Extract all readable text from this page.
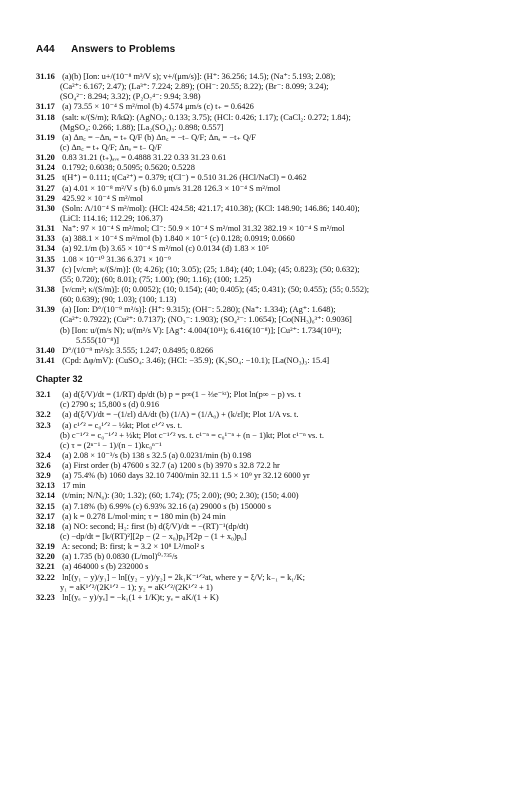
A44 Answers to Problems
31.16 (a)(b) [Ion: u+/(10⁻⁸ m²/V s); v+/(μm/s)]: (H⁺: 36.256; 14.5); (Na⁺: 5.193; 2.08);
(Ca²⁺: 6.167; 2.47); (La³⁺: 7.224; 2.89); (OH⁻: 20.55; 8.22); (Br⁻: 8.099; 3.24);
(SO₄²⁻: 8.294; 3.32); (P₂O₇⁴⁻: 9.94; 3.98)
31.17 (a) 73.55 × 10⁻⁴ S m²/mol (b) 4.574 μm/s (c) t₊ = 0.6426
31.18 (salt: κ/(S/m); R/kΩ): (AgNO₃: 0.133; 3.75); (HCl: 0.426; 1.17); (CaCl₂: 0.272; 1.84);
(MgSO₄: 0.266; 1.88); [La₂(SO₄)₃: 0.898; 0.557]
31.19 (a) Δn꜀ = −Δnₐ = t₊ Q/F (b) Δn꜀ = −t₋ Q/F; Δnₐ = −t₊ Q/F
(c) Δn꜀ = t₊ Q/F; Δnₐ = t₋ Q/F
31.20 0.83 31.21 (t₊)ₐᵥₑ = 0.4888 31.22 0.33 31.23 0.61
31.24 0.1792; 0.6038; 0.5095; 0.5620; 0.5228
31.25 t(H⁺) = 0.111; t(Ca²⁺) = 0.379; t(Cl⁻) = 0.510 31.26 (HCl/NaCl) = 0.462
31.27 (a) 4.01 × 10⁻⁸ m²/V s (b) 6.0 μm/s 31.28 126.3 × 10⁻⁴ S m²/mol
31.29 425.92 × 10⁻⁴ S m²/mol
31.30 (Soln: Λ/10⁻⁴ S m²/mol): (HCl: 424.58; 421.17; 410.38); (KCl: 148.90; 146.86; 140.40);
(LiCl: 114.16; 112.29; 106.37)
31.31 Na⁺: 97 × 10⁻⁴ S m²/mol; Cl⁻: 50.9 × 10⁻⁴ S m²/mol 31.32 382.19 × 10⁻⁴ S m²/mol
31.33 (a) 388.1 × 10⁻⁴ S m²/mol (b) 1.840 × 10⁻⁵ (c) 0.128; 0.0919; 0.0660
31.34 (a) 92.1/m (b) 3.65 × 10⁻⁴ S m²/mol (c) 0.0134 (d) 1.83 × 10⁵
31.35 1.08 × 10⁻¹⁰ 31.36 6.371 × 10⁻⁹
31.37 (c) [v/cm³; κ/(S/m)]: (0; 4.26); (10; 3.05); (25; 1.84); (40; 1.04); (45; 0.823); (50; 0.632);
(55; 0.720); (60; 8.01); (75; 1.00); (90; 1.16); (100; 1.25)
31.38 [v/cm³; κ/(S/m)]: (0; 0.0052); (10; 0.154); (40; 0.405); (45; 0.431); (50; 0.455); (55; 0.552);
(60; 0.639); (90; 1.03); (100; 1.13)
31.39 (a) [Ion: D°/(10⁻⁹ m²/s)]: (H⁺: 9.315); (OH⁻: 5.280); (Na⁺: 1.334); (Ag⁺: 1.648);
(Ca²⁺: 0.7922); (Cu²⁺: 0.7137); (NO₃⁻: 1.903); (SO₄²⁻: 1.0654); [Co(NH₃)₆³⁺: 0.9036]
(b) [Ion: u/(m/s N); u/(m²/s V): [Ag⁺: 4.004(10¹¹); 6.416(10⁻⁸)]; [Cu²⁺: 1.734(10¹¹);
5.555(10⁻⁸)]
31.40 D°/(10⁻⁹ m²/s): 3.555; 1.247; 0.8495; 0.8266
31.41 (Cpd: Δφ/mV): (CuSO₄: 3.46); (HCl: −35.9); (K₂SO₄: −10.1); [La(NO₃)₃: 15.4]
Chapter 32
32.1 (a) d(ξ/V)/dt = (1/RT) dp/dt (b) p = p∞(1 − ⅔e⁻ᵏᵗ); Plot ln(p∞ − p) vs. t
(c) 2790 s; 15,800 s (d) 0.916
32.2 (a) d(ξ/V)/dt = −(1/εl) dA/dt (b) (1/A) = (1/A₀) + (k/εl)t; Plot 1/A vs. t.
32.3 (a) c¹ᐟ² = c₀¹ᐟ² − ½kt; Plot c¹ᐟ² vs. t.
(b) c⁻¹ᐟ² = c₀⁻¹ᐟ² + ½kt; Plot c⁻¹ᐟ² vs. t. c¹⁻ⁿ = c₀¹⁻ⁿ + (n − 1)kt; Plot c¹⁻ⁿ vs. t.
(c) τ = (2ⁿ⁻¹ − 1)/(n − 1)kc₀ⁿ⁻¹
32.4 (a) 2.08 × 10⁻³/s (b) 138 s 32.5 (a) 0.0231/min (b) 0.198
32.6 (a) First order (b) 47600 s 32.7 (a) 1200 s (b) 3970 s 32.8 72.2 hr
32.9 (a) 75.4% (b) 1060 days 32.10 7400/min 32.11 1.5 × 10⁹ yr 32.12 6000 yr
32.13 17 min
32.14 (t/min; N/N₀): (30; 1.32); (60; 1.74); (75; 2.00); (90; 2.30); (150; 4.00)
32.15 (a) 7.18% (b) 6.99% (c) 6.93% 32.16 (a) 29000 s (b) 150000 s
32.17 (a) k = 0.278 L/mol·min; τ = 180 min (b) 24 min
32.18 (a) NO: second; H₂: first (b) d(ξ/V)/dt = −(RT)⁻¹(dp/dt)
(c) −dp/dt = [k/(RT)²][2p − (2 − x₀)p₀]²[2p − (1 + x₀)p₀]
32.19 A: second; B: first; k = 3.2 × 10⁸ L²/mol² s
32.20 (a) 1.735 (b) 0.0830 (L/mol)⁰·⁷³⁵/s
32.21 (a) 464000 s (b) 232000 s
32.22 ln[(y₁ − y)/y₁] − ln[(y₂ − y)/y₂] = 2k₁K⁻¹ᐟ²at, where y = ξ/V; k₋₁ = k₁/K;
y₁ = aK¹ᐟ²/(2K¹ᐟ² − 1); y₂ = aK¹ᐟ²/(2K¹ᐟ² + 1)
32.23 ln[(yₑ − y)/yₑ] = −k₁(1 + 1/K)t; yₑ = aK/(1 + K)
